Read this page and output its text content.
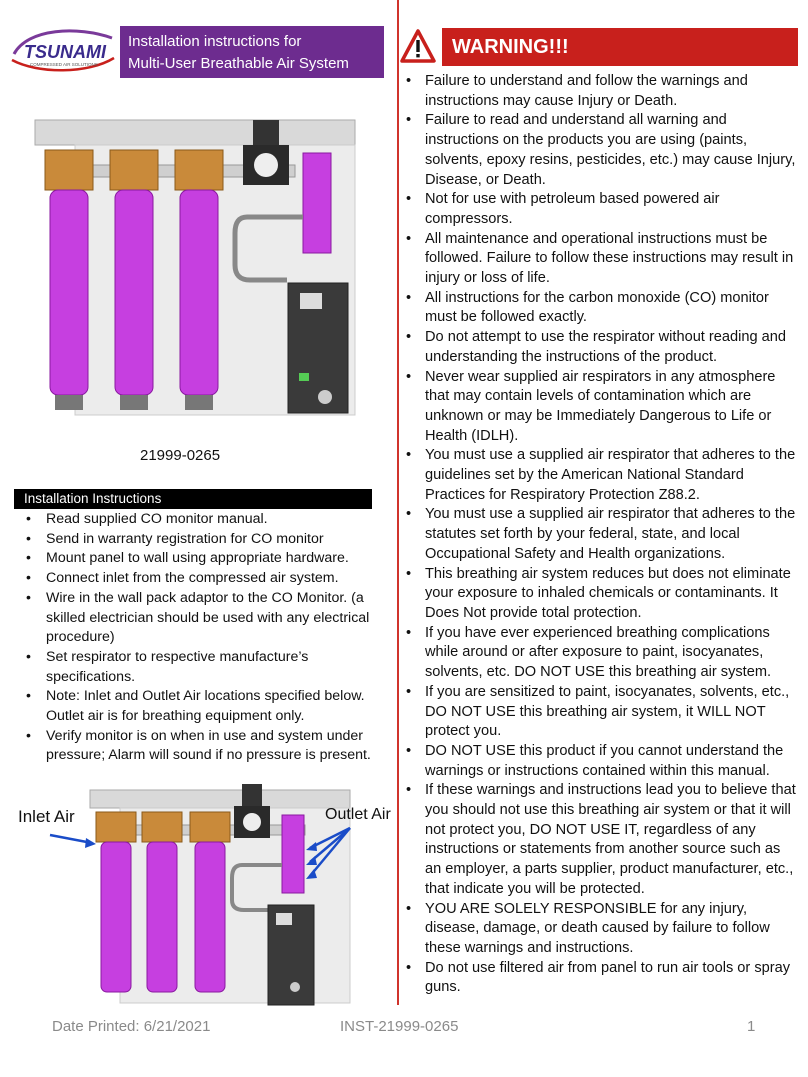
TSUNAMI
COMPRESSED AIR SOLUTIONS
Installation instructions for
Multi-User Breathable Air System
21999-0265
Installation Instructions
• Read supplied CO monitor manual.
• Send in warranty registration for CO monitor
• Mount panel to wall using appropriate hardware.
• Connect inlet from the compressed air system.
• Wire in the wall pack adaptor to the CO Monitor. (a skilled electrician should be used with any electrical procedure)
• Set respirator to respective manufacture’s specifications.
• Note: Inlet and Outlet Air locations specified below. Outlet air is for breathing equipment only.
• Verify monitor is on when in use and system under pressure; Alarm will sound if no pressure is present.
Inlet Air	Outlet Air
WARNING!!!
• Failure to understand and follow the warnings and instructions may cause Injury or Death.
• Failure to read and understand all warning and instructions on the products you are using (paints, solvents, epoxy resins, pesticides, etc.) may cause Injury, Disease, or Death.
• Not for use with petroleum based powered air compressors.
• All maintenance and operational instructions must be followed. Failure to follow these instructions may result in injury or loss of life.
• All instructions for the carbon monoxide (CO) monitor must be followed exactly.
• Do not attempt to use the respirator without reading and understanding the instructions of the product.
• Never wear supplied air respirators in any atmosphere that may contain levels of contamination which are unknown or may be Immediately Dangerous to Life or Health (IDLH).
• You must use a supplied air respirator that adheres to the guidelines set by the American National Standard Practices for Respiratory Protection Z88.2.
• You must use a supplied air respirator that adheres to the statutes set forth by your federal, state, and local Occupational Safety and Health organizations.
• This breathing air system reduces but does not eliminate your exposure to inhaled chemicals or contaminants. It Does Not provide total protection.
• If you have ever experienced breathing complications while around or after exposure to paint, isocyanates, solvents, etc. DO NOT USE this breathing air system.
• If you are sensitized to paint, isocyanates, solvents, etc., DO NOT USE this breathing air system, it WILL NOT protect you.
• DO NOT USE this product if you cannot understand the warnings or instructions contained within this manual.
• If these warnings and instructions lead you to believe that you should not use this breathing air system or that it will not protect you, DO NOT USE IT, regardless of any instructions or statements from another source such as an employer, a parts supplier, product manufacturer, etc., that indicate you will be protected.
• YOU ARE SOLELY RESPONSIBLE for any injury, disease, damage, or death caused by failure to follow these warnings and instructions.
• Do not use filtered air from panel to run air tools or spray guns.
Date Printed: 6/21/2021	INST-21999-0265	1
